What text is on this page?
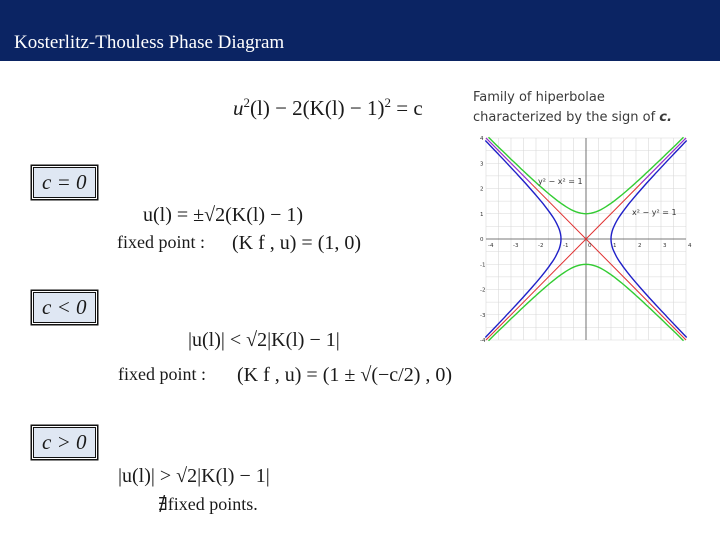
Kosterlitz-Thouless Phase Diagram
$u^2(l) - 2(K(l) - 1)^2 = c$	Family of hiperbolae
characterized by the sign of c.
c = 0
u(l) = ±√2(K(l) − 1)
fixed point : (K f , u) = (1, 0)
c < 0
|u(l)| < √2|K(l) − 1|
fixed point : (K f , u) = (1 ± √(−c/2) , 0)
c > 0
|u(l)| > √2|K(l) − 1|
∄fixed points.
-4	-3	-2	-1	0	1	2	3	4
4
3
2
1
0
-1
-2
-3
-4
y² − x² = 1
x² − y² = 1
